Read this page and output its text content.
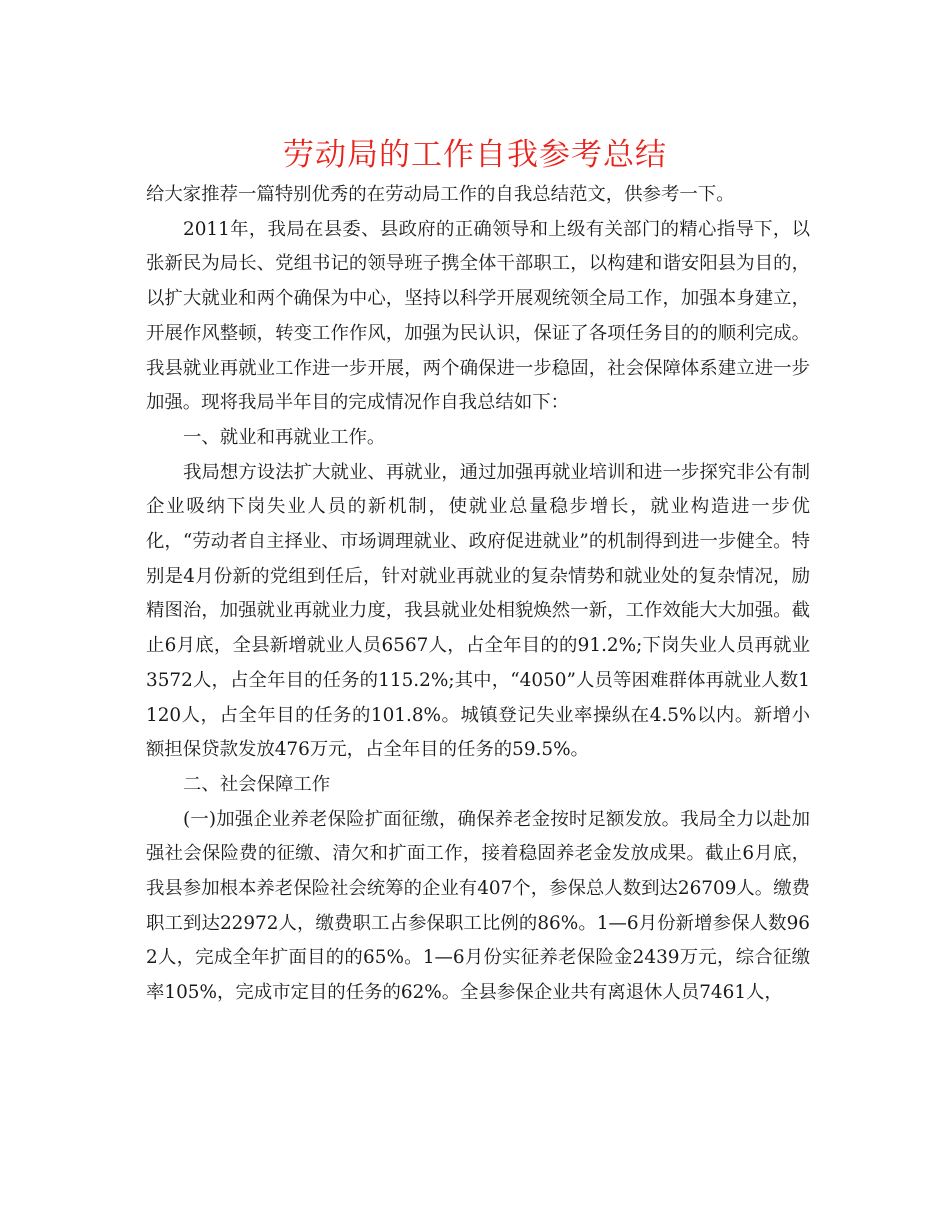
劳动局的工作自我参考总结

给大家推荐一篇特别优秀的在劳动局工作的自我总结范文，供参考一下。

2011年，我局在县委、县政府的正确领导和上级有关部门的精心指导下，以张新民为局长、党组书记的领导班子携全体干部职工，以构建和谐安阳县为目的，以扩大就业和两个确保为中心，坚持以科学开展观统领全局工作，加强本身建立，开展作风整顿，转变工作作风，加强为民认识，保证了各项任务目的的顺利完成。我县就业再就业工作进一步开展，两个确保进一步稳固，社会保障体系建立进一步加强。现将我局半年目的完成情况作自我总结如下：

一、就业和再就业工作。

我局想方设法扩大就业、再就业，通过加强再就业培训和进一步探究非公有制企业吸纳下岗失业人员的新机制，使就业总量稳步增长，就业构造进一步优化，“劳动者自主择业、市场调理就业、政府促进就业”的机制得到进一步健全。特别是4月份新的党组到任后，针对就业再就业的复杂情势和就业处的复杂情况，励精图治，加强就业再就业力度，我县就业处相貌焕然一新，工作效能大大加强。截止6月底，全县新增就业人员6567人，占全年目的的91.2%;下岗失业人员再就业3572人，占全年目的任务的115.2%;其中，“4050”人员等困难群体再就业人数1120人，占全年目的任务的101.8%。城镇登记失业率操纵在4.5%以内。新增小额担保贷款发放476万元，占全年目的任务的59.5%。

二、社会保障工作

(一)加强企业养老保险扩面征缴，确保养老金按时足额发放。我局全力以赴加强社会保险费的征缴、清欠和扩面工作，接着稳固养老金发放成果。截止6月底，我县参加根本养老保险社会统筹的企业有407个，参保总人数到达26709人。缴费职工到达22972人，缴费职工占参保职工比例的86%。1—6月份新增参保人数962人，完成全年扩面目的的65%。1—6月份实征养老保险金2439万元，综合征缴率105%，完成市定目的任务的62%。全县参保企业共有离退休人员7461人，
